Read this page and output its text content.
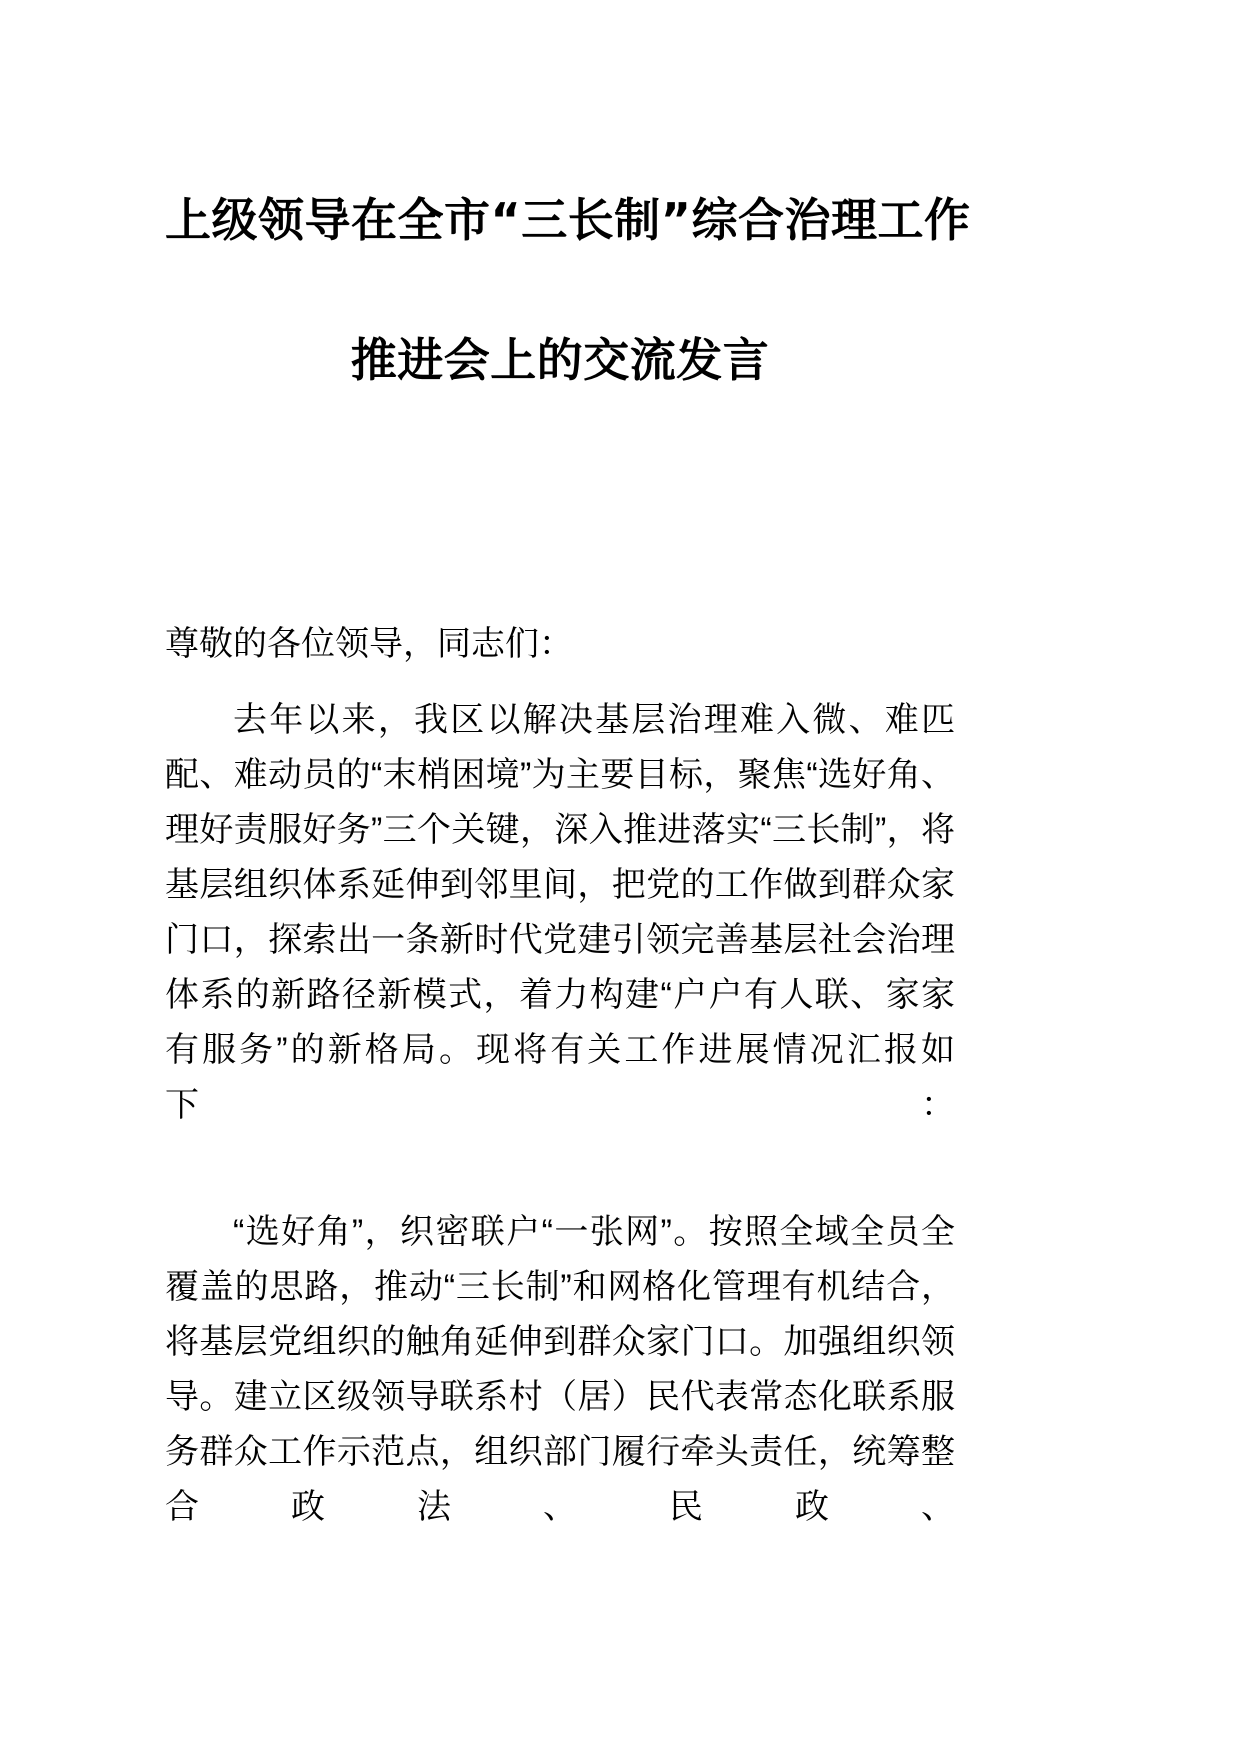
上级领导在全市“三长制”综合治理工作
推进会上的交流发言

尊敬的各位领导，同志们：

去年以来，我区以解决基层治理难入微、难匹配、难动员的“末梢困境”为主要目标，聚焦“选好角、理好责服好务”三个关键，深入推进落实“三长制”，将基层组织体系延伸到邻里间，把党的工作做到群众家门口，探索出一条新时代党建引领完善基层社会治理体系的新路径新模式，着力构建“户户有人联、家家有服务”的新格局。现将有关工作进展情况汇报如下：

“选好角”，织密联户“一张网”。按照全域全员全覆盖的思路，推动“三长制”和网格化管理有机结合，将基层党组织的触角延伸到群众家门口。加强组织领导。建立区级领导联系村（居）民代表常态化联系服务群众工作示范点，组织部门履行牵头责任，统筹整合政法、民政、
